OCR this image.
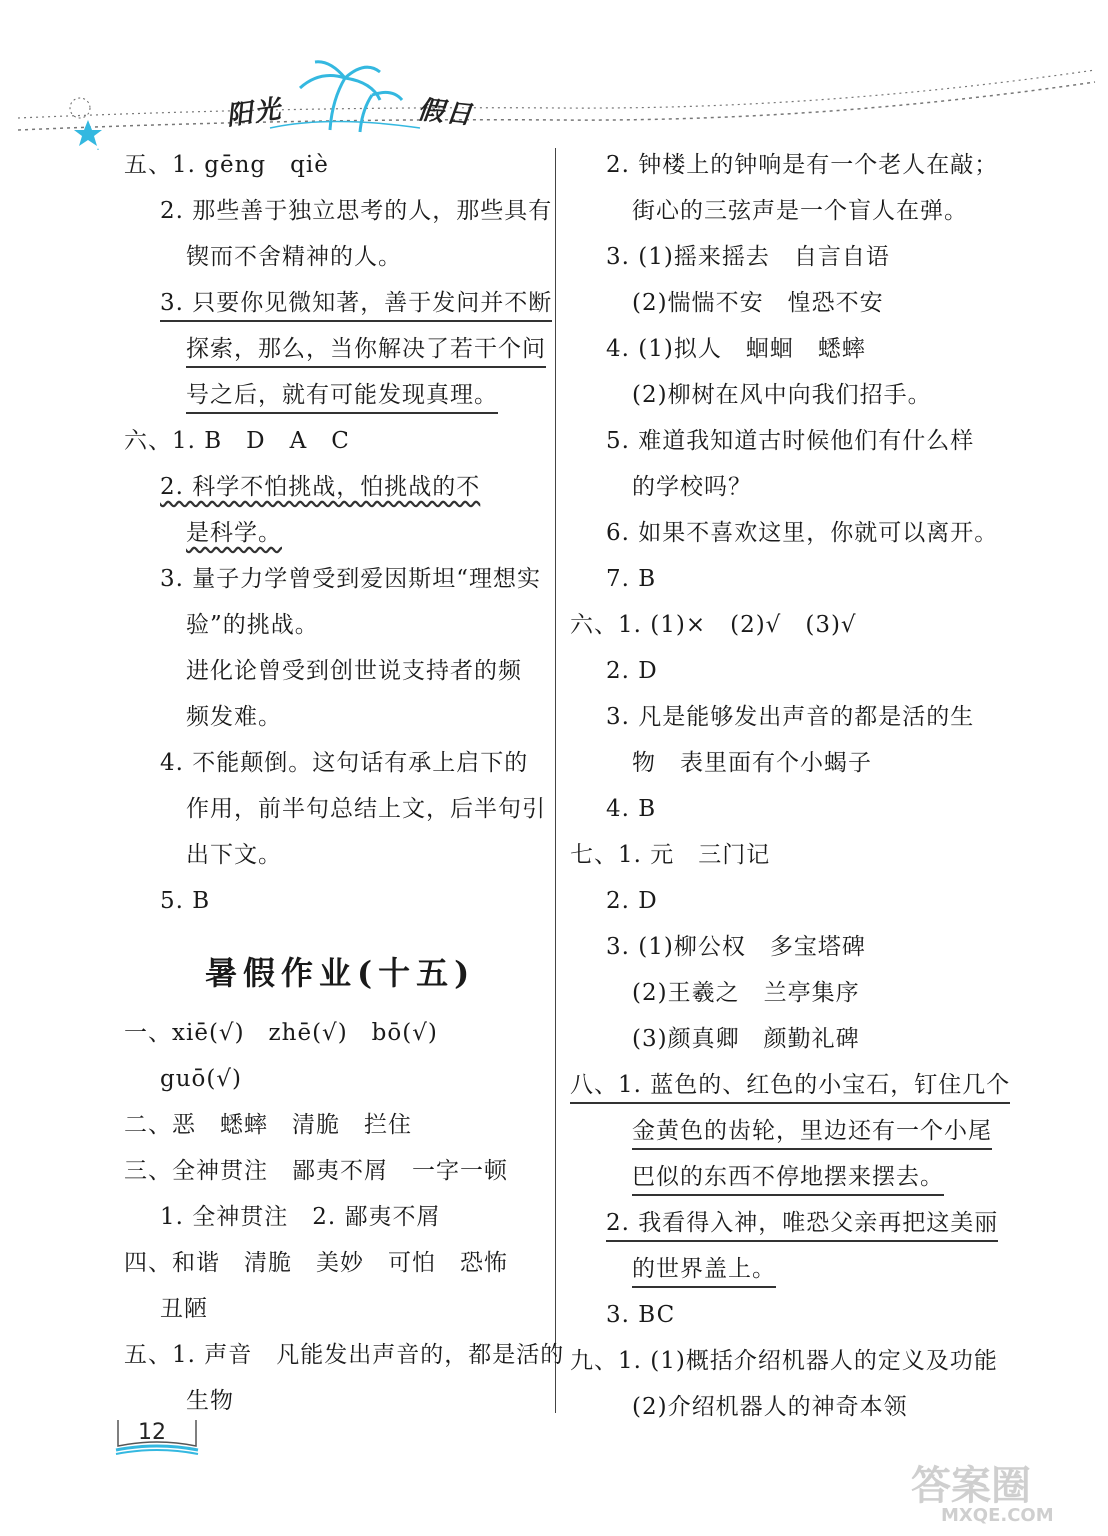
阳光	假日
五、1. gēng　qiè
2. 那些善于独立思考的人，那些具有
锲而不舍精神的人。
3. 只要你见微知著，善于发问并不断
探索，那么，当你解决了若干个问
号之后，就有可能发现真理。
六、1. B　D　A　C
2. 科学不怕挑战，怕挑战的不
是科学。
3. 量子力学曾受到爱因斯坦“理想实
验”的挑战。
进化论曾受到创世说支持者的频
频发难。
4. 不能颠倒。这句话有承上启下的
作用，前半句总结上文，后半句引
出下文。
5. B
暑假作业(十五)
一、xiē(√)　zhē(√)　bō(√)
guō(√)
二、恶　蟋蟀　清脆　拦住
三、全神贯注　鄙夷不屑　一字一顿
1. 全神贯注　2. 鄙夷不屑
四、和谐　清脆　美妙　可怕　恐怖
丑陋
五、1. 声音　凡能发出声音的，都是活的
生物
2. 钟楼上的钟响是有一个老人在敲；
街心的三弦声是一个盲人在弹。
3. (1)摇来摇去　自言自语
(2)惴惴不安　惶恐不安
4. (1)拟人　蛔蛔　蟋蟀
(2)柳树在风中向我们招手。
5. 难道我知道古时候他们有什么样
的学校吗？
6. 如果不喜欢这里，你就可以离开。
7. B
六、1. (1)×　(2)√　(3)√
2. D
3. 凡是能够发出声音的都是活的生
物　表里面有个小蝎子
4. B
七、1. 元　三门记
2. D
3. (1)柳公权　多宝塔碑
(2)王羲之　兰亭集序
(3)颜真卿　颜勤礼碑
八、1. 蓝色的、红色的小宝石，钉住几个
金黄色的齿轮，里边还有一个小尾
巴似的东西不停地摆来摆去。
2. 我看得入神，唯恐父亲再把这美丽
的世界盖上。
3. BC
九、1. (1)概括介绍机器人的定义及功能
(2)介绍机器人的神奇本领
12
答案圈
MXQE.COM
